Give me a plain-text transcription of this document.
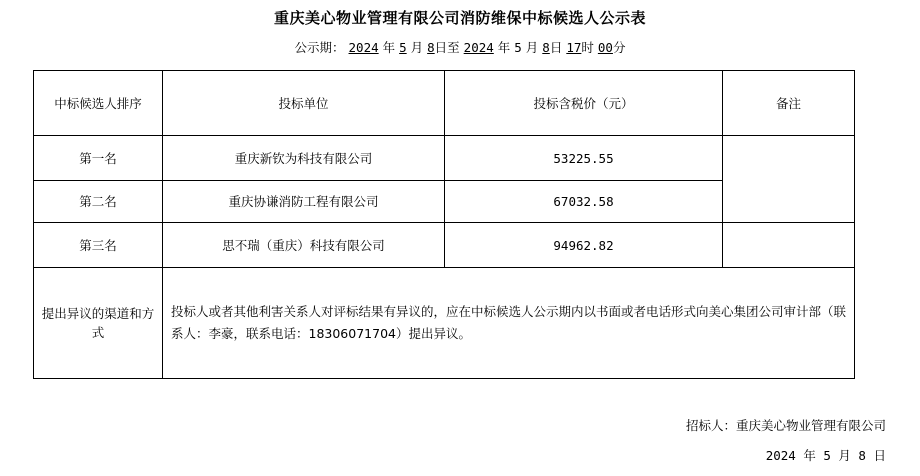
重庆美心物业管理有限公司消防维保中标候选人公示表
公示期： 2024 年 5 月 8日至 2024 年 5 月 8日 17时 00分
中标候选人排序	投标单位	投标含税价（元）	备注
第一名	重庆新钦为科技有限公司	53225.55	
第二名	重庆协谦消防工程有限公司	67032.58	
第三名	思不瑞（重庆）科技有限公司	94962.82	
提出异议的渠道和方式	投标人或者其他利害关系人对评标结果有异议的，应在中标候选人公示期内以书面或者电话形式向美心集团公司审计部（联系人：李豪，联系电话：18306071704）提出异议。		
招标人：重庆美心物业管理有限公司
2024 年 5 月 8 日
